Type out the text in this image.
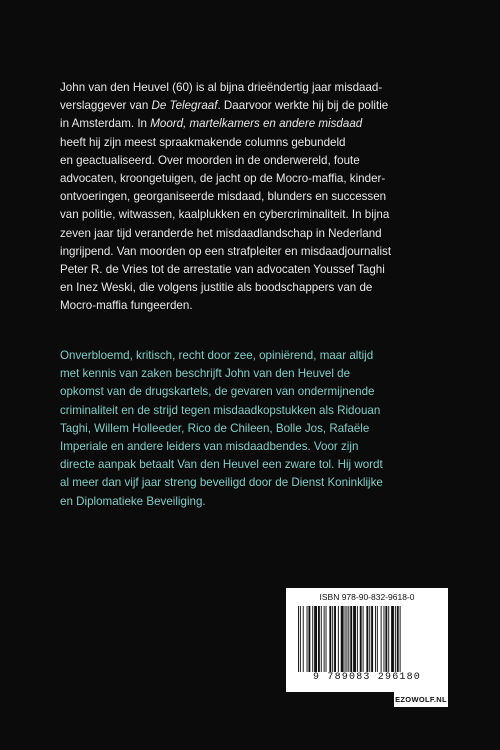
John van den Heuvel (60) is al bijna drieëndertig jaar misdaad-
verslaggever van De Telegraaf. Daarvoor werkte hij bij de politie
in Amsterdam. In Moord, martelkamers en andere misdaad
heeft hij zijn meest spraakmakende columns gebundeld
en geactualiseerd. Over moorden in de onderwereld, foute
advocaten, kroongetuigen, de jacht op de Mocro-maffia, kinder-
ontvoeringen, georganiseerde misdaad, blunders en successen
van politie, witwassen, kaalplukken en cybercriminaliteit. In bijna
zeven jaar tijd veranderde het misdaadlandschap in Nederland
ingrijpend. Van moorden op een strafpleiter en misdaadjournalist
Peter R. de Vries tot de arrestatie van advocaten Youssef Taghi
en Inez Weski, die volgens justitie als boodschappers van de
Mocro-maffia fungeerden.
Onverbloemd, kritisch, recht door zee, opiniërend, maar altijd
met kennis van zaken beschrijft John van den Heuvel de
opkomst van de drugskartels, de gevaren van ondermijnende
criminaliteit en de strijd tegen misdaadkopstukken als Ridouan
Taghi, Willem Holleeder, Rico de Chileen, Bolle Jos, Rafaële
Imperiale en andere leiders van misdaadbendes. Voor zijn
directe aanpak betaalt Van den Heuvel een zware tol. Hij wordt
al meer dan vijf jaar streng beveiligd door de Dienst Koninklijke
en Diplomatieke Beveiliging.
ISBN 978-90-832-9618-0
9 789083 296180
EZOWOLF.NL
